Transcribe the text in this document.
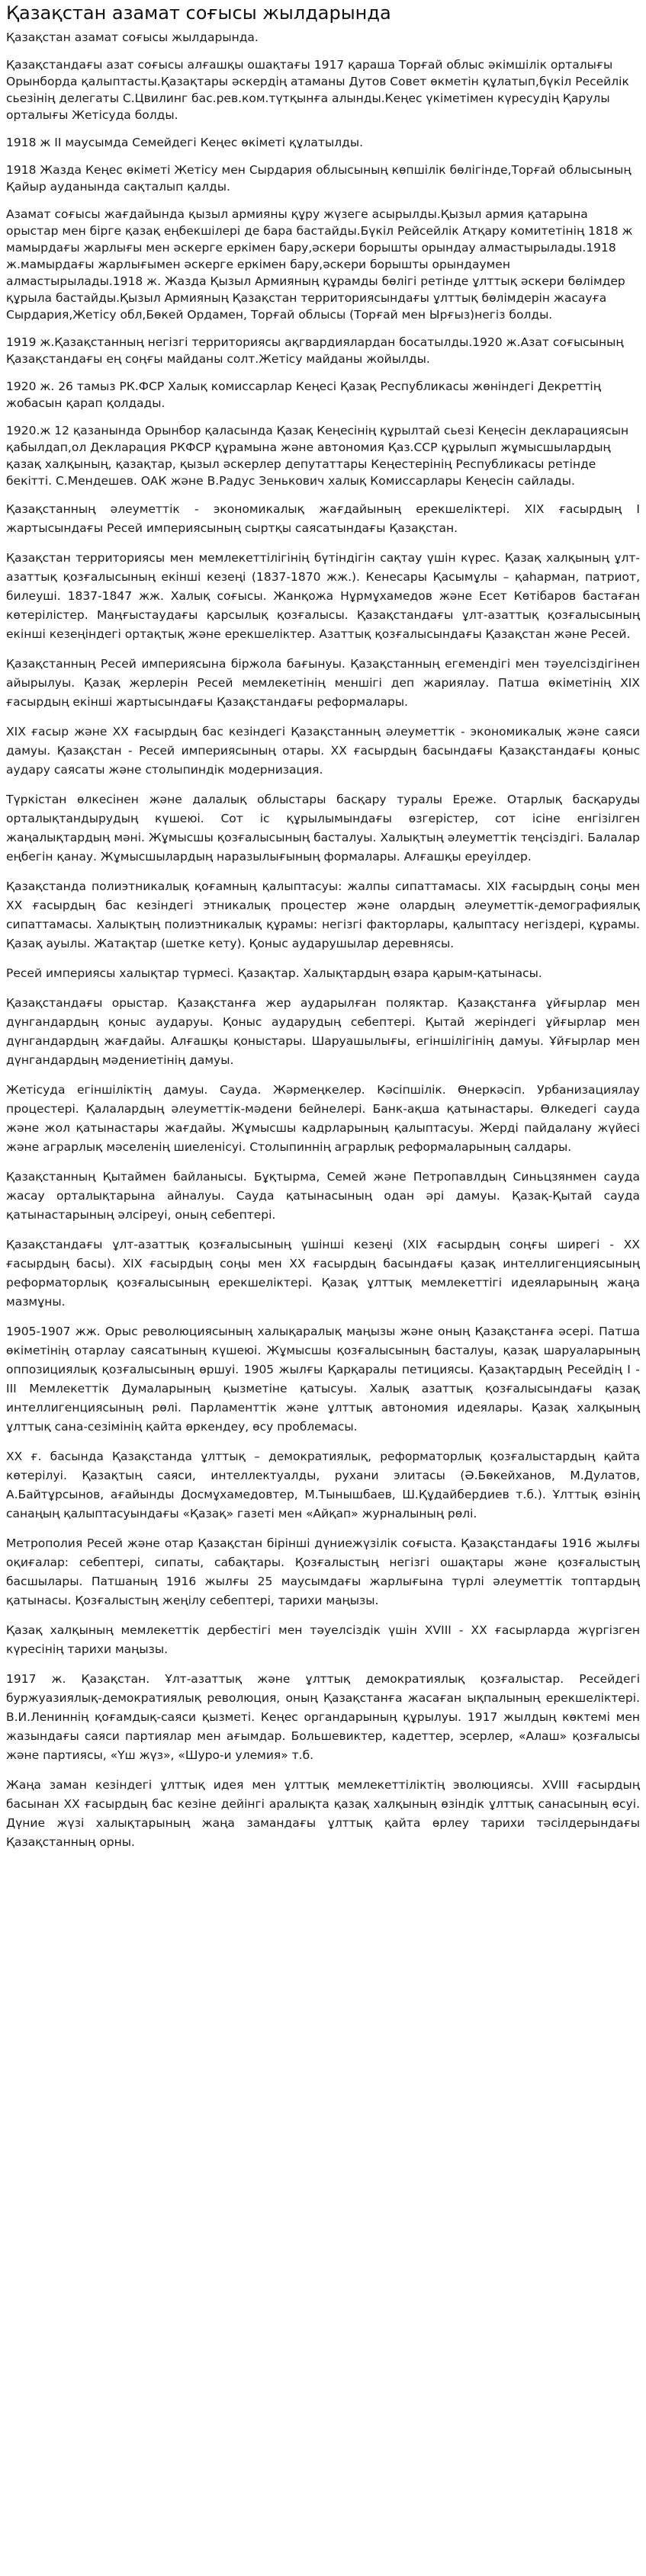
Қазақстан азамат соғысы жылдарында
Қазақстан азамат соғысы жылдарында.

Қазақстандағы азат соғысы алғашқы ошақтағы 1917 қараша Торғай облыс әкімшілік орталығы Орынборда қалыптасты.Қазақтары әскердің атаманы Дутов Совет өкметін құлатып,бүкіл Ресейлік сьезінің делегаты С.Цвилинг бас.рев.ком.түтқынға алынды.Кеңес үкіметімен күресудің Қарулы орталығы Жетісуда болды.

1918 ж II маусымда Семейдегі Кеңес өкіметі құлатылды.

1918 Жазда Кеңес өкіметі Жетісу мен Сырдария облысының көпшілік бөлігінде,Торғай облысының Қайыр ауданында сақталып қалды.

Азамат соғысы жағдайында қызыл армияны құру жүзеге асырылды.Қызыл армия қатарына орыстар мен бірге қазақ еңбекшілері де бара бастайды.Бүкіл Рейсейлік Атқару комитетінің 1818 ж мамырдағы жарлығы мен әскерге еркімен бару,әскери борышты орындау алмастырылады.1918 ж.мамырдағы жарлығымен әскерге еркімен бару,әскери борышты орындаумен алмастырылады.1918 ж. Жазда Қызыл Армияның құрамды бөлігі ретінде ұлттық әскери бөлімдер құрыла бастайды.Қызыл Армияның Қазақстан территориясындағы ұлттық бөлімдерін жасауға Сырдария,Жетісу обл,Бөкей Ордамен, Торғай облысы (Торғай мен Ырғыз)негіз болды.

1919 ж.Қазақстанның негізгі территориясы ақгвардиялардан босатылды.1920 ж.Азат соғысының Қазақстандағы ең соңғы майданы солт.Жетісу майданы жойылды.

1920 ж. 26 тамыз РК.ФСР Халық комиссарлар Кеңесі Қазақ Республикасы жөніндегі Декреттің жобасын қарап қолдады.

1920.ж 12 қазанында Орынбор қаласында Қазақ Кеңесінің құрылтай сьезі Кеңесін декларациясын қабылдап,ол Декларация РКФСР құрамына және автономия Қаз.ССР құрылып жұмысшылардың қазақ халқының, қазақтар, қызыл әскерлер депутаттары Кеңестерінің Республикасы ретінде бекітті. С.Мендешев. ОАК және В.Радус Зенькович халық Комиссарлары Кеңесін сайлады.

Қазақстанның әлеуметтік - экономикалық жағдайының ерекшеліктері. XIX ғасырдың I жартысындағы Ресей империясының сыртқы саясатындағы Қазақстан.

Қазақстан территориясы мен мемлекеттілігінің бүтіндігін сақтау үшін күрес. Қазақ халқының ұлт-азаттық қозғалысының екінші кезеңі (1837-1870 жж.). Кенесары Қасымұлы – қаһарман, патриот, билеуші. 1837-1847 жж. Халық соғысы. Жанқожа Нұрмұхамедов және Есет Көтібаров бастаған көтерілістер. Маңғыстаудағы қарсылық қозғалысы. Қазақстандағы ұлт-азаттық қозғалысының екінші кезеңіндегі ортақтық және ерекшеліктер. Азаттық қозғалысындағы Қазақстан және Ресей.

Қазақстанның Ресей империясына біржола бағынуы. Қазақстанның егемендігі мен тәуелсіздігінен айырылуы. Қазақ жерлерін Ресей мемлекетінің меншігі деп жариялау. Патша өкіметінің XIX ғасырдың екінші жартысындағы Қазақстандағы реформалары.

XIX ғасыр және XX ғасырдың бас кезіндегі Қазақстанның әлеуметтік - экономикалық және саяси дамуы. Қазақстан - Ресей империясының отары. XX ғасырдың басындағы Қазақстандағы қоныс аудару саясаты және столыпиндік модернизация.

Түркістан өлкесінен және далалық облыстары басқару туралы Ереже. Отарлық басқаруды орталықтандырудың күшеюі. Сот іс құрылымындағы өзгерістер, сот ісіне енгізілген жаңалықтардың мәні. Жұмысшы қозғалысының басталуы. Халықтың әлеуметтік теңсіздігі. Балалар еңбегін қанау. Жұмысшылардың наразылығының формалары. Алғашқы ереуілдер.

Қазақстанда полиэтникалық қоғамның қалыптасуы: жалпы сипаттамасы. XIX ғасырдың соңы мен XX ғасырдың бас кезіндегі этникалық процестер және олардың әлеуметтік-демографиялық сипаттамасы. Халықтың полиэтникалық құрамы: негізгі факторлары, қалыптасу негіздері, құрамы. Қазақ ауылы. Жатақтар (шетке кету). Қоныс аударушылар деревнясы.

Ресей империясы халықтар түрмесі. Қазақтар. Халықтардың өзара қарым-қатынасы.

Қазақстандағы орыстар. Қазақстанға жер аударылған поляктар. Қазақстанға ұйғырлар мен дүнгандардың қоныс аударуы. Қоныс аударудың себептері. Қытай жеріндегі ұйғырлар мен дүнгандардың жағдайы. Алғашқы қоныстары. Шаруашылығы, егіншілігінің дамуы. Ұйғырлар мен дүнгандардың мәдениетінің дамуы.

Жетісуда егіншіліктің дамуы. Сауда. Жәрмеңкелер. Кәсіпшілік. Өнеркәсіп. Урбанизациялау процестері. Қалалардың әлеуметтік-мәдени бейнелері. Банк-ақша қатынастары. Өлкедегі сауда және жол қатынастары жағдайы. Жұмысшы кадрларының қалыптасуы. Жерді пайдалану жүйесі және аграрлық мәселенің шиеленісуі. Столыпиннің аграрлық реформаларының салдары.

Қазақстанның Қытаймен байланысы. Бұқтырма, Семей және Петропавлдың Синьцзянмен сауда жасау орталықтарына айналуы. Сауда қатынасының одан әрі дамуы. Қазақ-Қытай сауда қатынастарының әлсіреуі, оның себептері.

Қазақстандағы ұлт-азаттық қозғалысының үшінші кезеңі (XIX ғасырдың соңғы ширегі - XX ғасырдың басы). XIX ғасырдың соңы мен XX ғасырдың басындағы қазақ интеллигенциясының реформаторлық қозғалысының ерекшеліктері. Қазақ ұлттық мемлекеттігі идеяларының жаңа мазмұны.

1905-1907 жж. Орыс революциясының халықаралық маңызы және оның Қазақстанға әсері. Патша өкіметінің отарлау саясатының күшеюі. Жұмысшы қозғалысының басталуы, қазақ шаруаларының оппозициялық қозғалысының өршуі. 1905 жылғы Қарқаралы петициясы. Қазақтардың Ресейдің I - III Мемлекеттік Думаларының қызметіне қатысуы. Халық азаттық қозғалысындағы қазақ интеллигенциясының рөлі. Парламенттік және ұлттық автономия идеялары. Қазақ халқының ұлттық сана-сезімінің қайта өркендеу, өсу проблемасы.

XX ғ. басында Қазақстанда ұлттық – демократиялық, реформаторлық қозғалыстардың қайта көтерілуі. Қазақтың саяси, интеллектуалды, рухани элитасы (Ә.Бөкейханов, М.Дулатов, А.Байтұрсынов, ағайынды Досмұхамедовтер, М.Тынышбаев, Ш.Құдайбердиев т.б.). Ұлттық өзінің санаңың қалыптасуындағы «Қазақ» газеті мен «Айқап» журналының рөлі.

Метрополия Ресей және отар Қазақстан бірінші дүниежүзілік соғыста. Қазақстандағы 1916 жылғы оқиғалар: себептері, сипаты, сабақтары. Қозғалыстың негізгі ошақтары және қозғалыстың басшылары. Патшаның 1916 жылғы 25 маусымдағы жарлығына түрлі әлеуметтік топтардың қатынасы. Қозғалыстың жеңілу себептері, тарихи маңызы.

Қазақ халқының мемлекеттік дербестігі мен тәуелсіздік үшін XVIII - XX ғасырларда жүргізген күресінің тарихи маңызы.

1917 ж. Қазақстан. Ұлт-азаттық және ұлттық демократиялық қозғалыстар. Ресейдегі буржуазиялық-демократиялық революция, оның Қазақстанға жасаған ықпалының ерекшеліктері. В.И.Лениннің қоғамдық-саяси қызметі. Кеңес органдарының құрылуы. 1917 жылдың көктемі мен жазындағы саяси партиялар мен ағымдар. Большевиктер, кадеттер, эсерлер, «Алаш» қозғалысы және партиясы, «Үш жүз», «Шуро-и улемия» т.б.

Жаңа заман кезіндегі ұлттық идея мен ұлттық мемлекеттіліктің эволюциясы. XVIII ғасырдың басынан XX ғасырдың бас кезіне дейінгі аралықта қазақ халқының өзіндік ұлттық санасының өсуі. Дүние жүзі халықтарының жаңа замандағы ұлттық қайта өрлеу тарихи тәсілдерындағы Қазақстанның орны.
